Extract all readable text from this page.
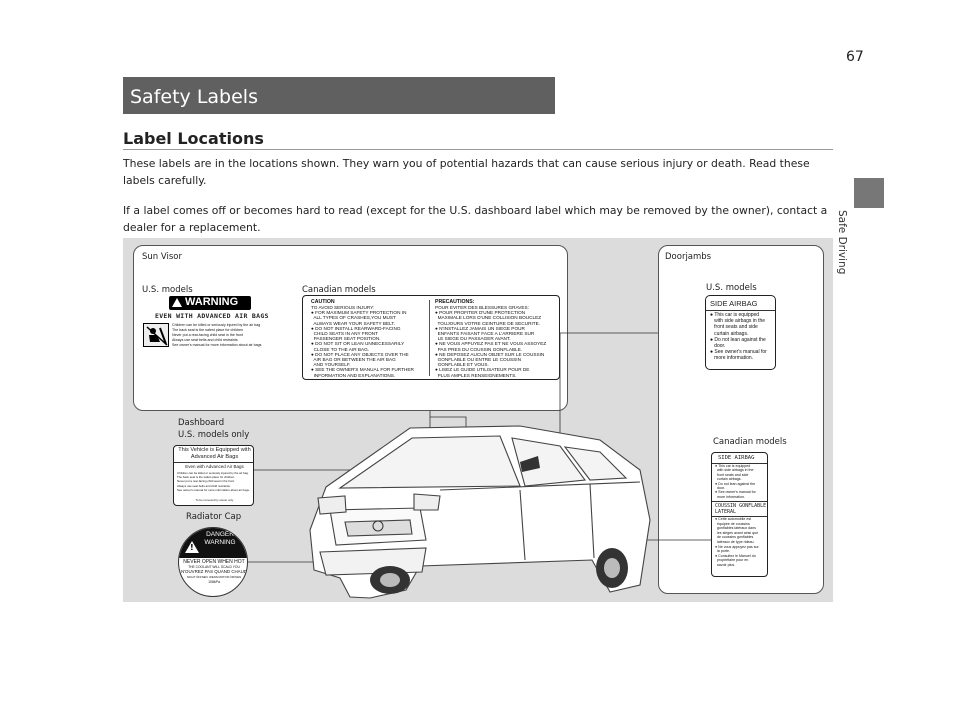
Safety Labels
67
Safe Driving
Label Locations
These labels are in the locations shown. They warn you of potential hazards that can cause serious injury or death. Read these labels carefully.
If a label comes off or becomes hard to read (except for the U.S. dashboard label which may be removed by the owner), contact a dealer for a replacement.
Sun Visor
U.S. models	Canadian models
WARNING
EVEN WITH ADVANCED AIR BAGS
Children can be killed or seriously injured by the air bag
The back seat is the safest place for children
Never put a rear-facing child seat in the front
Always use seat belts and child restraints
See owner's manual for more information about air bags
CAUTION
TO AVOID SERIOUS INJURY:
● FOR MAXIMUM SAFETY PROTECTION IN
ALL TYPES OF CRASHES,YOU MUST
ALWAYS WEAR YOUR SAFETY BELT.
● DO NOT INSTALL REARWARD-FACING
CHILD SEATS IN ANY FRONT
PASSENGER SEAT POSITION.
● DO NOT SIT OR LEAN UNNECESSARILY
CLOSE TO THE AIR BAG.
● DO NOT PLACE ANY OBJECTS OVER THE
AIR BAG OR BETWEEN THE AIR BAG
AND YOURSELF.
● SEE THE OWNER'S MANUAL FOR FURTHER
INFORMATION AND EXPLANATIONS.
PRECAUTIONS:
POUR EVITER DES BLESSURES GRAVES:
● POUR PROFITER D'UNE PROTECTION
MAXIMALE LORS D'UNE COLLISION BOUCLEZ
TOUJOURS VOTRE CEINTURE DE SECURITE.
● N'INSTALLEZ JAMAIS UN SIEGE POUR
ENFANTS FAISANT FACE A L'ARRIERE SUR
LE SIEGE DU PASSAGER AVANT.
● NE VOUS APPUYEZ PAS ET NE VOUS ASSOYEZ
PAS PRES DU COUSSIN GONFLABLE.
● NE DEPOSEZ AUCUN OBJET SUR LE COUSSIN
GONFLABLE OU ENTRE LE COUSSIN
GONFLABLE ET VOUS.
● LISEZ LE GUIDE UTILISATEUR POUR DE
PLUS AMPLES RENSEIGNEMENTS.
Doorjambs
U.S. models
Canadian models
SIDE AIRBAG
● This car is equipped
with side airbags in the
front seats and side
curtain airbags.
● Do not lean against the
door.
● See owner's manual for
more information.
SIDE AIRBAG
● This car is equipped
with side airbags in the
front seats and side
curtain airbags.
● Do not lean against the
door.
● See owner's manual for
more information.
COUSSIN GONFLABLE LATERAL
● Cette automobile est
équipée de coussins
gonflables latéraux dans
les sièges avant ainsi que
de coussins gonflables
latéraux de type rideau.
● Ne vous appuyez pas sur
la porte.
● Consultez le Manuel du
propriétaire pour en
savoir plus.
Dashboard
U.S. models only
This Vehicle is Equipped with Advanced Air Bags
Even with Advanced Air Bags
Children can be killed or seriously injured by the air bag.
The back seat is the safest place for children.
Never put a rear-facing child seat in the front.
Always use seat belts and child restraints.
See owner's manual for more information about air bags.
To be removed by owner only
Radiator Cap
!
DANGER
WARNING
NEVER OPEN WHEN HOT
THE COOLANT WILL SCALD YOU
N'OUVREZ PAS QUAND CHAUD
NICHT ÖFFNEN, WENN MOTOR ÖFFNEN
108kPa
